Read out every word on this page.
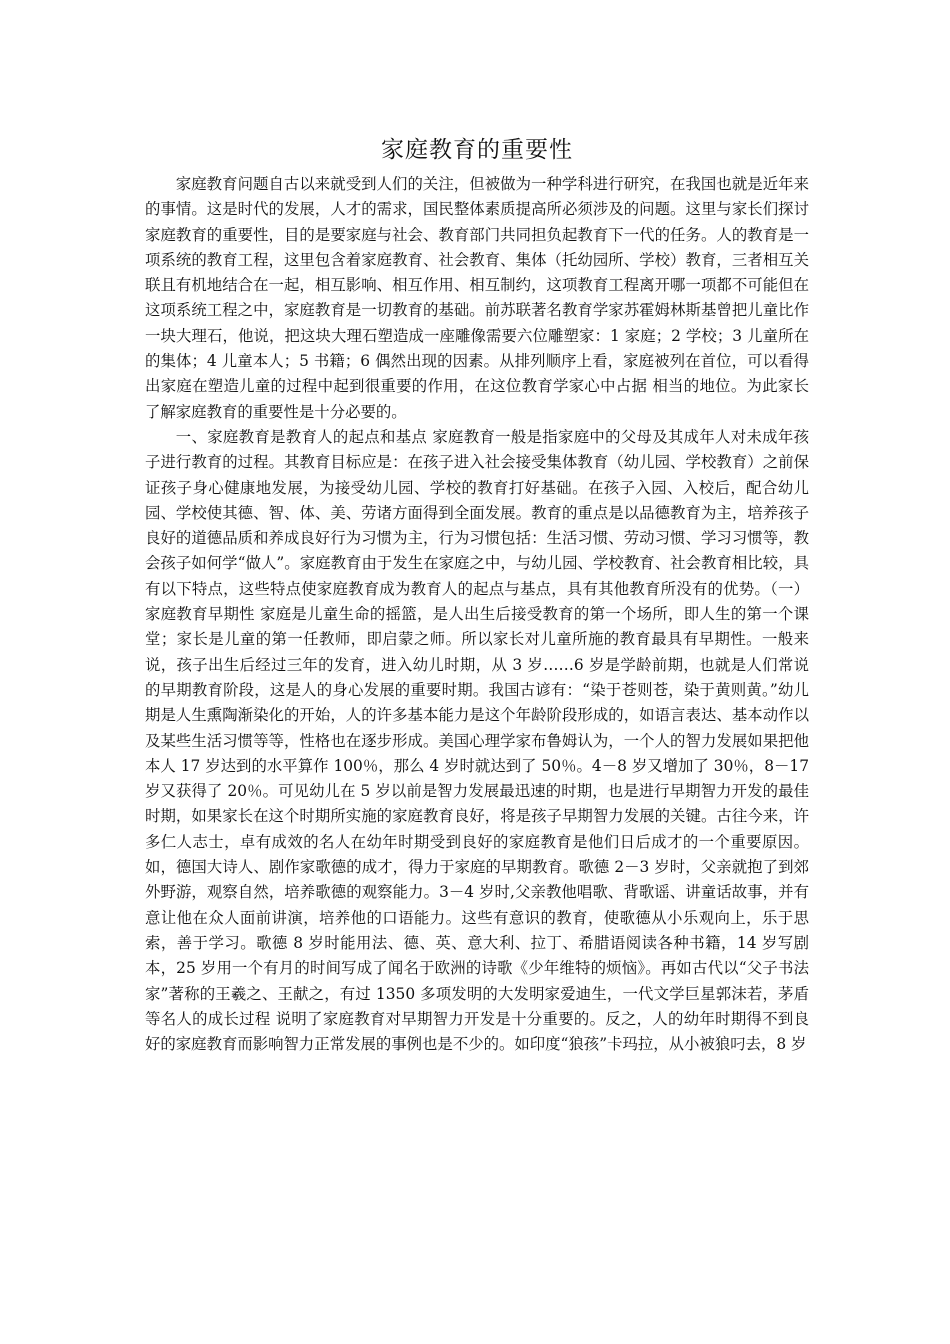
家庭教育的重要性

家庭教育问题自古以来就受到人们的关注，但被做为一种学科进行研究，在我国也就是近年来的事情。这是时代的发展，人才的需求，国民整体素质提高所必须涉及的问题。这里与家长们探讨家庭教育的重要性，目的是要家庭与社会、教育部门共同担负起教育下一代的任务。人的教育是一项系统的教育工程，这里包含着家庭教育、社会教育、集体（托幼园所、学校）教育，三者相互关联且有机地结合在一起，相互影响、相互作用、相互制约，这项教育工程离开哪一项都不可能但在这项系统工程之中，家庭教育是一切教育的基础。前苏联著名教育学家苏霍姆林斯基曾把儿童比作一块大理石，他说，把这块大理石塑造成一座雕像需要六位雕塑家：1 家庭；2 学校；3 儿童所在的集体；4 儿童本人；5 书籍；6 偶然出现的因素。从排列顺序上看，家庭被列在首位，可以看得出家庭在塑造儿童的过程中起到很重要的作用，在这位教育学家心中占据 相当的地位。为此家长了解家庭教育的重要性是十分必要的。

一、家庭教育是教育人的起点和基点 家庭教育一般是指家庭中的父母及其成年人对未成年孩子进行教育的过程。其教育目标应是：在孩子进入社会接受集体教育（幼儿园、学校教育）之前保证孩子身心健康地发展，为接受幼儿园、学校的教育打好基础。在孩子入园、入校后，配合幼儿园、学校使其德、智、体、美、劳诸方面得到全面发展。教育的重点是以品德教育为主，培养孩子良好的道德品质和养成良好行为习惯为主，行为习惯包括：生活习惯、劳动习惯、学习习惯等，教会孩子如何学“做人”。家庭教育由于发生在家庭之中，与幼儿园、学校教育、社会教育相比较，具有以下特点，这些特点使家庭教育成为教育人的起点与基点，具有其他教育所没有的优势。（一）家庭教育早期性 家庭是儿童生命的摇篮，是人出生后接受教育的第一个场所，即人生的第一个课堂；家长是儿童的第一任教师，即启蒙之师。所以家长对儿童所施的教育最具有早期性。一般来说，孩子出生后经过三年的发育，进入幼儿时期，从 3 岁……6 岁是学龄前期，也就是人们常说的早期教育阶段，这是人的身心发展的重要时期。我国古谚有：“染于苍则苍，染于黄则黄。”幼儿期是人生熏陶渐染化的开始，人的许多基本能力是这个年龄阶段形成的，如语言表达、基本动作以及某些生活习惯等等，性格也在逐步形成。美国心理学家布鲁姆认为，一个人的智力发展如果把他本人 17 岁达到的水平算作 100％，那么 4 岁时就达到了 50％。4－8 岁又增加了 30％，8－17 岁又获得了 20％。可见幼儿在 5 岁以前是智力发展最迅速的时期，也是进行早期智力开发的最佳时期，如果家长在这个时期所实施的家庭教育良好，将是孩子早期智力发展的关键。古往今来，许多仁人志士，卓有成效的名人在幼年时期受到良好的家庭教育是他们日后成才的一个重要原因。如，德国大诗人、剧作家歌德的成才，得力于家庭的早期教育。歌德 2－3 岁时，父亲就抱了到郊外野游，观察自然，培养歌德的观察能力。3－4 岁时,父亲教他唱歌、背歌谣、讲童话故事，并有意让他在众人面前讲演，培养他的口语能力。这些有意识的教育，使歌德从小乐观向上，乐于思索，善于学习。歌德 8 岁时能用法、德、英、意大利、拉丁、希腊语阅读各种书籍，14 岁写剧本，25 岁用一个有月的时间写成了闻名于欧洲的诗歌《少年维特的烦恼》。再如古代以“父子书法家”著称的王羲之、王献之，有过 1350 多项发明的大发明家爱迪生，一代文学巨星郭沫若，茅盾等名人的成长过程 说明了家庭教育对早期智力开发是十分重要的。反之，人的幼年时期得不到良好的家庭教育而影响智力正常发展的事例也是不少的。如印度“狼孩”卡玛拉，从小被狼叼去，8 岁
